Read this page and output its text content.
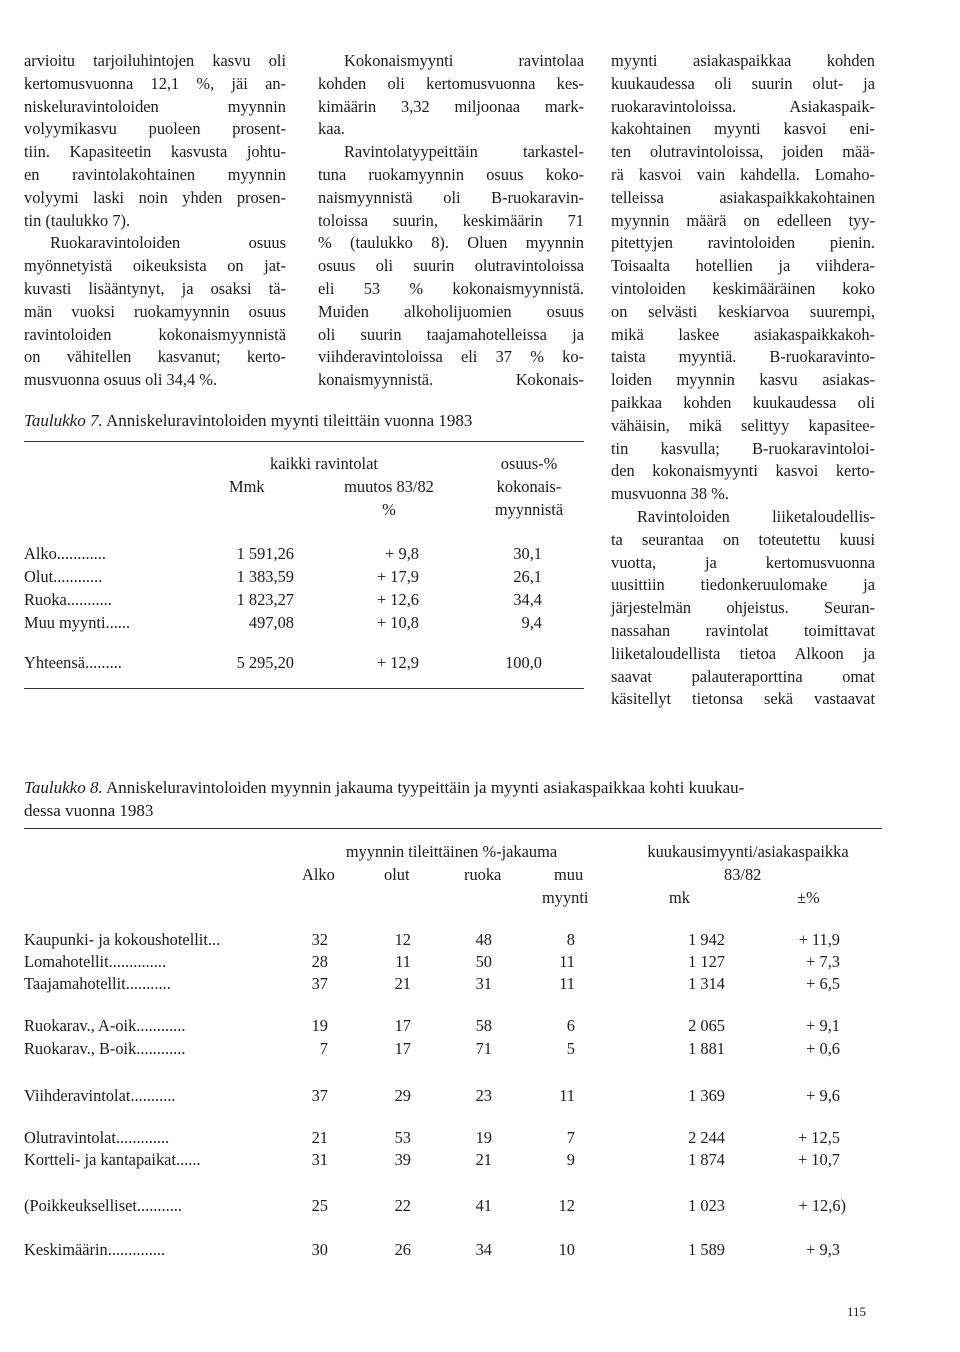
arvioitu tarjoiluhintojen kasvu oli

kertomusvuonna 12,1 %, jäi an-

niskeluravintoloiden myynnin

volyymikasvu puoleen prosent-

tiin. Kapasiteetin kasvusta johtu-

en ravintolakohtainen myynnin

volyymi laski noin yhden prosen-

tin (taulukko 7).

Ruokaravintoloiden osuus

myönnetyistä oikeuksista on jat-

kuvasti lisääntynyt, ja osaksi tä-

män vuoksi ruokamyynnin osuus

ravintoloiden kokonaismyynnistä

on vähitellen kasvanut; kerto-

musvuonna osuus oli 34,4 %.

Kokonaismyynti ravintolaa

kohden oli kertomusvuonna kes-

kimäärin 3,32 miljoonaa mark-

kaa.

Ravintolatyypeittäin tarkastel-

tuna ruokamyynnin osuus koko-

naismyynnistä oli B-ruokaravin-

toloissa suurin, keskimäärin 71

% (taulukko 8). Oluen myynnin

osuus oli suurin olutravintoloissa

eli 53 % kokonaismyynnistä.

Muiden alkoholijuomien osuus

oli suurin taajamahotelleissa ja

viihderavintoloissa eli 37 % ko-

konaismyynnistä. Kokonais-

myynti asiakaspaikkaa kohden

kuukaudessa oli suurin olut- ja

ruokaravintoloissa. Asiakaspaik-

kakohtainen myynti kasvoi eni-

ten olutravintoloissa, joiden mää-

rä kasvoi vain kahdella. Lomaho-

telleissa asiakaspaikkakohtainen

myynnin määrä on edelleen tyy-

pitettyjen ravintoloiden pienin.

Toisaalta hotellien ja viihdera-

vintoloiden keskimääräinen koko

on selvästi keskiarvoa suurempi,

mikä laskee asiakaspaikkakoh-

taista myyntiä. B-ruokaravinto-

loiden myynnin kasvu asiakas-

paikkaa kohden kuukaudessa oli

vähäisin, mikä selittyy kapasitee-

tin kasvulla; B-ruokaravintoloi-

den kokonaismyynti kasvoi kerto-

musvuonna 38 %.

Ravintoloiden liiketaloudellis-

ta seurantaa on toteutettu kuusi

vuotta, ja kertomusvuonna

uusittiin tiedonkeruulomake ja

järjestelmän ohjeistus. Seuran-

nassahan ravintolat toimittavat

liiketaloudellista tietoa Alkoon ja

saavat palauteraporttina omat

käsitellyt tietonsa sekä vastaavat

Taulukko 7. Anniskeluravintoloiden myynti tileittäin vuonna 1983
kaikki ravintolat
Mmk	muutos 83/82
%
osuus-%
kokonais-
myynnistä
Alko............	1 591,26	+ 9,8	30,1
Olut............	1 383,59	+ 17,9	26,1
Ruoka...........	1 823,27	+ 12,6	34,4
Muu myynti......	497,08	+ 10,8	9,4
Yhteensä.........	5 295,20	+ 12,9	100,0
Taulukko 8. Anniskeluravintoloiden myynnin jakauma tyypeittäin ja myynti asiakaspaikkaa kohti kuukau-
dessa vuonna 1983
myynnin tileittäinen %-jakauma	kuukausimyynti/asiakaspaikka
Alko	olut	ruoka	muu
myynti
83/82
mk	±%
Kaupunki- ja kokoushotellit...	32	12	48	8	1 942	+ 11,9
Lomahotellit..............	28	11	50	11	1 127	+ 7,3
Taajamahotellit...........	37	21	31	11	1 314	+ 6,5
Ruokarav., A-oik............	19	17	58	6	2 065	+ 9,1
Ruokarav., B-oik............	7	17	71	5	1 881	+ 0,6
Viihderavintolat...........	37	29	23	11	1 369	+ 9,6
Olutravintolat.............	21	53	19	7	2 244	+ 12,5
Kortteli- ja kantapaikat......	31	39	21	9	1 874	+ 10,7
(Poikkeukselliset...........	25	22	41	12	1 023	+ 12,6)
Keskimäärin..............	30	26	34	10	1 589	+ 9,3
115
